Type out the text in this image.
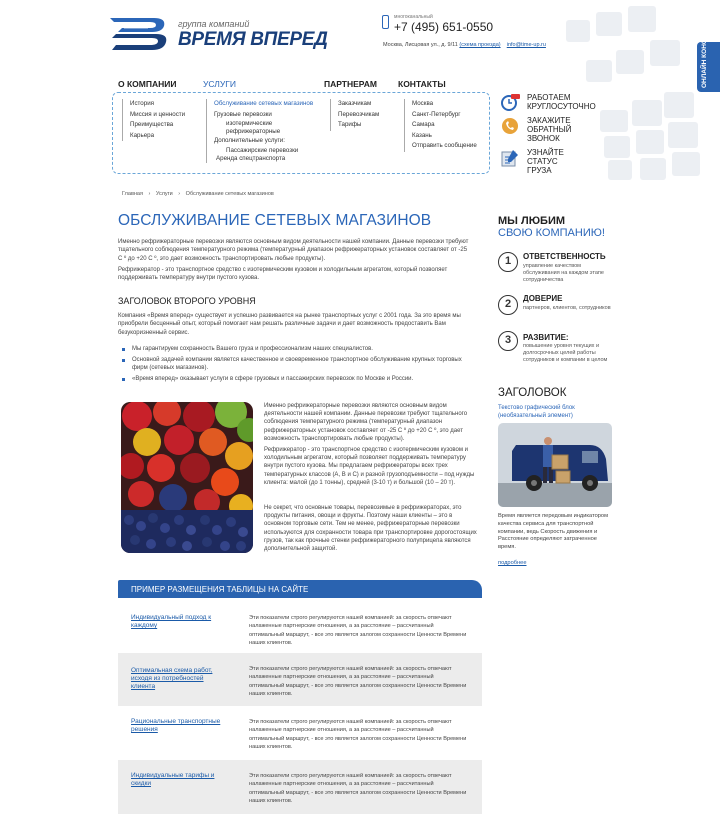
группа компаний
ВРЕМЯ ВПЕРЕД
многоканальный
+7 (495) 651-0550
Москва, Лисцовая ул., д. 9/11 (схема проезда) info@time-up.ru	ОНЛАЙН КОНСУЛЬТАНТ
О КОМПАНИИ	УСЛУГИ	ПАРТНЕРАМ КОНТАКТЫ
История
Миссия и ценности
Преимущества
Карьера
Обслуживание сетевых магазинов
Грузовые перевозки
изотермические
рефрижераторные
Дополнительные услуги:
Пассажирские перевозки
Аренда спецтранспорта
Заказчикам
Перевозчикам
Тарифы
Москва
Санкт-Петербург
Самара
Казань
Отправить сообщение
РАБОТАЕМ
КРУГЛОСУТОЧНО
ЗАКАЖИТЕ
ОБРАТНЫЙ
ЗВОНОК
УЗНАЙТЕ
СТАТУС
ГРУЗА
Главная › Услуги › Обслуживание сетевых магазинов
ОБСЛУЖИВАНИЕ СЕТЕВЫХ МАГАЗИНОВ
Именно рефрижераторные перевозки являются основным видом деятельности нашей компании. Данные перевозки требуют тщательного соблюдения температурного режима (температурный диапазон рефрижераторных установок составляет от -25 С º до +20 С º, это дает возможность транспортировать любые продукты).
Рефрижератор - это транспортное средство с изотермическим кузовом и холодильным агрегатом, который позволяет поддерживать температуру внутри пустого кузова.
ЗАГОЛОВОК ВТОРОГО УРОВНЯ
Компания «Время вперед» существует и успешно развивается на рынке транспортных услуг с 2001 года. За это время мы приобрели бесценный опыт, который помогает нам решать различные задачи и дает возможность предоставить Вам безукоризненный сервис.
Мы гарантируем сохранность Вашего груза и профессионализм наших специалистов.
Основной задачей компании является качественное и своевременное транспортное обслуживание крупных торговых фирм (сетевых магазинов).
«Время вперед» оказывает услуги в сфере грузовых и пассажирских перевозок по Москве и России.
Именно рефрижераторные перевозки являются основным видом деятельности нашей компании. Данные перевозки требуют тщательного соблюдения температурного режима (температурный диапазон рефрижераторных установок составляет от -25 С º до +20 С º, это дает возможность транспортировать любые продукты).
Рефрижератор - это транспортное средство с изотермическим кузовом и холодильным агрегатом, который позволяет поддерживать температуру внутри пустого кузова. Мы предлагаем рефрижераторы всех трех температурных классов (А, В и С) и разной грузоподъемности – под нужды клиента: малой (до 1 тонны), средней (3-10 т) и большой (10 – 20 т).
Не секрет, что основные товары, перевозимые в рефрижераторах, это продукты питания, овощи и фрукты. Поэтому наши клиенты – это в основном торговые сети. Тем не менее, рефрижераторные перевозки используются для сохранности товара при транспортировке дорогостоящих грузов, так как прочные стенки рефрижераторного полуприцепа являются дополнительной защитой.
ПРИМЕР РАЗМЕЩЕНИЯ ТАБЛИЦЫ НА САЙТЕ
Индивидуальный подход к каждому
Эти показатели строго регулируются нашей компанией: за скорость отвечают налаженные партнерские отношения, а за расстояние – рассчитанный оптимальный маршрут, - все это является залогом сохранности Ценности Времени наших клиентов.
Оптимальная схема работ, исходя из потребностей клиента
Эти показатели строго регулируются нашей компанией: за скорость отвечают налаженные партнерские отношения, а за расстояние – рассчитанный оптимальный маршрут, - все это является залогом сохранности Ценности Времени наших клиентов.
Рациональные транспортные решения
Эти показатели строго регулируются нашей компанией: за скорость отвечают налаженные партнерские отношения, а за расстояние – рассчитанный оптимальный маршрут, - все это является залогом сохранности Ценности Времени наших клиентов.
Индивидуальные тарифы и скидки
Эти показатели строго регулируются нашей компанией: за скорость отвечают налаженные партнерские отношения, а за расстояние – рассчитанный оптимальный маршрут, - все это является залогом сохранности Ценности Времени наших клиентов.
МЫ ЛЮБИМ
СВОЮ КОМПАНИЮ!
1	ОТВЕТСТВЕННОСТЬ
управление качеством обслуживания на каждом этапе сотрудничества
2	ДОВЕРИЕ
партнеров, клиентов, сотрудников
3	РАЗВИТИЕ:
повышение уровня текущих и долгосрочных целей работы сотрудников и компании в целом
ЗАГОЛОВОК
Текстово графический блок (необязательный элемент)
Время является передовым индикатором качества сервиса для транспортной компании, ведь Скорость движения и Расстояние определяют затраченное время.
подробнее
